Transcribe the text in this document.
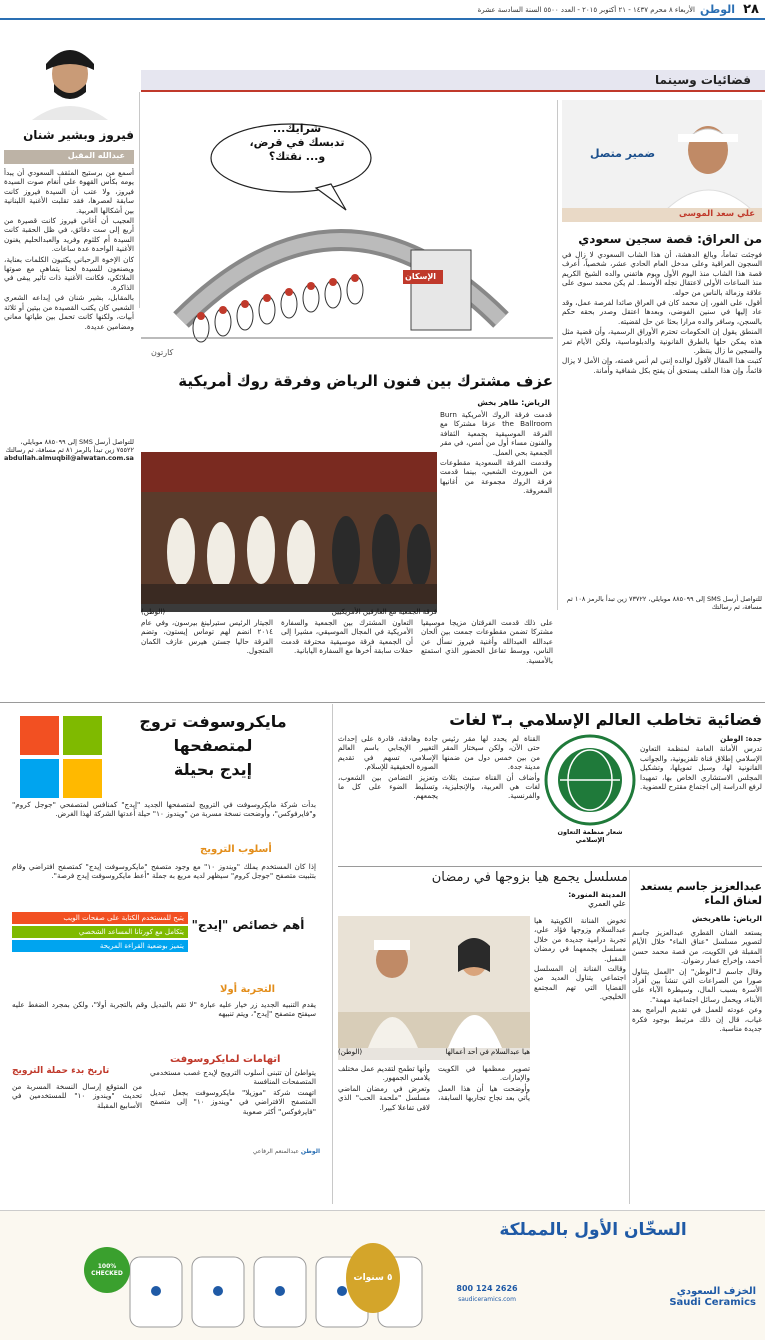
٢٨
الوطن
الأربعاء ٨ محرم ١٤٣٧ - ٢١ أكتوبر ٢٠١٥ - العدد ٥٥٠٠ السنة السادسة عشرة
فضائيات وسينما
فيروز وبشير شنان
عبدالله المقبل

أسمع من برستيج المثقف السعودي أن يبدأ يومه بكأس القهوة على أنغام صوت السيدة فيروز، ولا عتب أن السيدة فيروز كانت سابقة لعصرها، فقد تقلبت الأغنية اللبنانية بين أشكالها العربية.

العجيب أن أغاني فيروز كانت قصيرة من أربع إلى ست دقائق، في ظل الحقبة كانت السيدة أم كلثوم وفريد والعبدالحليم يغنون الأغنية الواحدة عدة ساعات.

كان الإخوة الرحباني يكتبون الكلمات بعناية، ويصنعون للسيدة لحنا يتماهى مع صوتها الملائكي، فكانت الأغنية ذات تأثير يبقى في الذاكرة.

بالمقابل، بشير شنان في إبداعه الشعري الشعبي كان يكتب القصيدة من بيتين أو ثلاثة أبيات، ولكنها كانت تحمل بين طياتها معاني ومضامين عديدة.

للتواصل أرسل SMS إلى ٨٨٥٠٩٩ موبايلي، ٧٥٥٢٢ زين تبدأ بالرمز ٨١ ثم مسافة، ثم رسالتك
abdullah.almuqbil@alwatan.com.sa
ضمير متصل
علي سعد الموسى
من العراق: قصة سجين سعودي

فوجئت تماماً، وبالغ الدهشة، أن هذا الشاب السعودي لا زال في السجون العراقية وعلى مدخل العام الحادي عشر، شخصياً، أعرف قصة هذا الشاب منذ اليوم الأول ويوم هاتفني والده الشيخ الكريم منذ الساعات الأولى لاعتقال نجله الأوسط. لم يكن محمد سوى على علاقة وزمالة بالناس من حوله.

أقول، على الفور، إن محمد كان في العراق صائدا لفرصة عمل، وقد عاد إليها في سنين الفوضى، وبعدها اعتقل وصدر بحقه حكم بالسجن، وسافر والده مرارا بحثا عن حل لقضيته.

المنطق يقول إن الحكومات تحترم الأوراق الرسمية، وأن قضية مثل هذه يمكن حلها بالطرق القانونية والدبلوماسية، ولكن الأيام تمر والسجين ما زال ينتظر.

كتبت هذا المقال لأقول لوالده إنني لم أنس قصته، وإن الأمل لا يزال قائماً، وإن هذا الملف يستحق أن يفتح بكل شفافية وأمانة.

للتواصل أرسل SMS إلى ٨٨٥٠٩٩ موبايلي، ٧٣٧٢٢ زين تبدأ بالرمز ١٠٨ ثم مسافة، ثم رسالتك
شرايك...
تدبسك في قرض،
و... نقتك؟
الإسكان
كارتون
عزف مشترك بين فنون الرياض وفرقة روك أمريكية
الرياض: طاهر بخش
فرقة الجمعية مع العازفين الأمريكيين
(الوطن)

قدمت فرقة الروك الأمريكية Burn the Ballroom عزفا مشتركا مع الفرقة الموسيقية بجمعية الثقافة والفنون مساء أول من أمس، في مقر الجمعية بحي العمل.

وقدمت الفرقة السعودية مقطوعات من الموروث الشعبي، بينما قدمت فرقة الروك مجموعة من أغانيها المعروفة.

على ذلك قدمت الفرقتان مزيجا موسيقيا مشتركا تضمن مقطوعات جمعت بين ألحان عبدالله العبدالله وأغنية فيروز نسأل عن الناس، ووسط تفاعل الحضور الذي استمتع بالأمسية.

التعاون المشترك بين الجمعية والسفارة الأمريكية في المجال الموسيقي، مشيرا إلى أن الجمعية فرقة موسيقية محترفة قدمت حفلات سابقة أخرها مع السفارة اليابانية.

الجيتار الرئيس ستيرلينغ بيرسون، وفي عام ٢٠١٤ انضم لهم توماس إيستون، وتضم الفرقة حاليا جستن هيرس عازف الكمان المتجول.

مايكروسوفت تروج لمتصفحها
إيدج بحيلة
بدأت شركة مايكروسوفت في الترويج لمتصفحها الجديد "إيدج" كمنافس لمتصفحي "جوجل كروم" و"فايرفوكس"، وأوضحت نسخة مسربة من "ويندوز ١٠" حيلة أعدتها الشركة لهذا الغرض.
أسلوب الترويج
إذا كان المستخدم يملك "ويندوز ١٠" مع وجود متصفح "مايكروسوفت إيدج" كمتصفح افتراضي وقام بتثبيت متصفح "جوجل كروم" سيظهر لديه مربع به جملة "أعط مايكروسوفت إيدج فرصة".
أهم خصائص "إيدج"
يتيح للمستخدم الكتابة على صفحات الويب
يتكامل مع كورتانا المساعد الشخصي
يتميز بوضعية القراءة المريحة
التجربة أولا
يقدم التنبيه الجديد زر خيار عليه عبارة "لا تقم بالتبديل وقم بالتجربة أولا"، ولكن بمجرد الضغط عليه سيفتح متصفح "إيدج"، ويتم تنبيهه
اتهامات لمايكروسوفت

يتواطئ أن تتبنى أسلوب الترويج لإيدج غصب مستخدمي المتصفحات المنافسة

اتهمت شركة "موزيلا" مايكروسوفت بجعل تبديل المتصفح الافتراضي في "ويندوز ١٠" إلى متصفح "فايرفوكس" أكثر صعوبة

تاريخ بدء حملة الترويج

من المتوقع إرسال النسخة المسربة من تحديث "ويندوز ١٠" للمستخدمين في الأسابيع المقبلة

الوطن عبدالمنعم الرفاعي
فضائية تخاطب العالم الإسلامي بـ٣ لغات
شعار منظمة التعاون الإسلامي

جدة: الوطن

تدرس الأمانة العامة لمنظمة التعاون الإسلامي إطلاق قناة تلفزيونية، والجوانب القانونية لها، وسبل تمويلها، وتشكيل المجلس الاستشاري الخاص بها، تمهيدا لرفع الدراسة إلى اجتماع مقترح للعضوية.

القناة لم يحدد لها مقر رئيس حتى الآن، ولكن سيختار المقر من بين خمس دول من ضمنها مدينة جدة.

وأضاف أن القناة ستبث بثلاث لغات هي العربية، والإنجليزية، والفرنسية.

جادة وهادفة، قادرة على إحداث التغيير الإيجابي باسم العالم الإسلامي، تسهم في تقديم الصورة الحقيقية للإسلام.

وتعزيز التضامن بين الشعوب، وتسليط الضوء على كل ما يجمعهم.

عبدالعزيز جاسم يستعد لعناق الماء
الرياض: طاهربخش

يستعد الفنان القطري عبدالعزيز جاسم لتصوير مسلسل "عناق الماء" خلال الأيام المقبلة في الكويت، من قصة محمد حسن أحمد، وإخراج عمار رضوان.

وقال جاسم لـ"الوطن" إن "العمل يتناول صورا من الصراعات التي تنشأ بين أفراد الأسرة بسبب المال، وسيطرة الآباء على الأبناء، ويحمل رسائل اجتماعية مهمة".

وعن عودته للعمل في تقديم البرامج بعد غياب، قال إن ذلك مرتبط بوجود فكرة جديدة مناسبة.

مسلسل يجمع هيا بزوجها في رمضان
المدينة المنورة:
علي العمري
هيا عبدالسلام في أحد أعمالها
(الوطن)

تخوض الفنانة الكويتية هيا عبدالسلام وزوجها فؤاد علي، تجربة درامية جديدة من خلال مسلسل يجمعهما في رمضان المقبل.

وقالت الفنانة إن المسلسل اجتماعي يتناول العديد من القضايا التي تهم المجتمع الخليجي.

تصوير معظمها في الكويت والإمارات.

وأوضحت هيا أن هذا العمل يأتي بعد نجاح تجاربها السابقة، وأنها تطمح لتقديم عمل مختلف يلامس الجمهور.

وتعرض في رمضان الماضي مسلسل "ملحمة الحب" الذي لاقى تفاعلا كبيرا.

100% CHECKED	٥ سنوات
السخّان الأول بالمملكة
الخزف السعودي
Saudi Ceramics
800 124 2626
saudiceramics.com
